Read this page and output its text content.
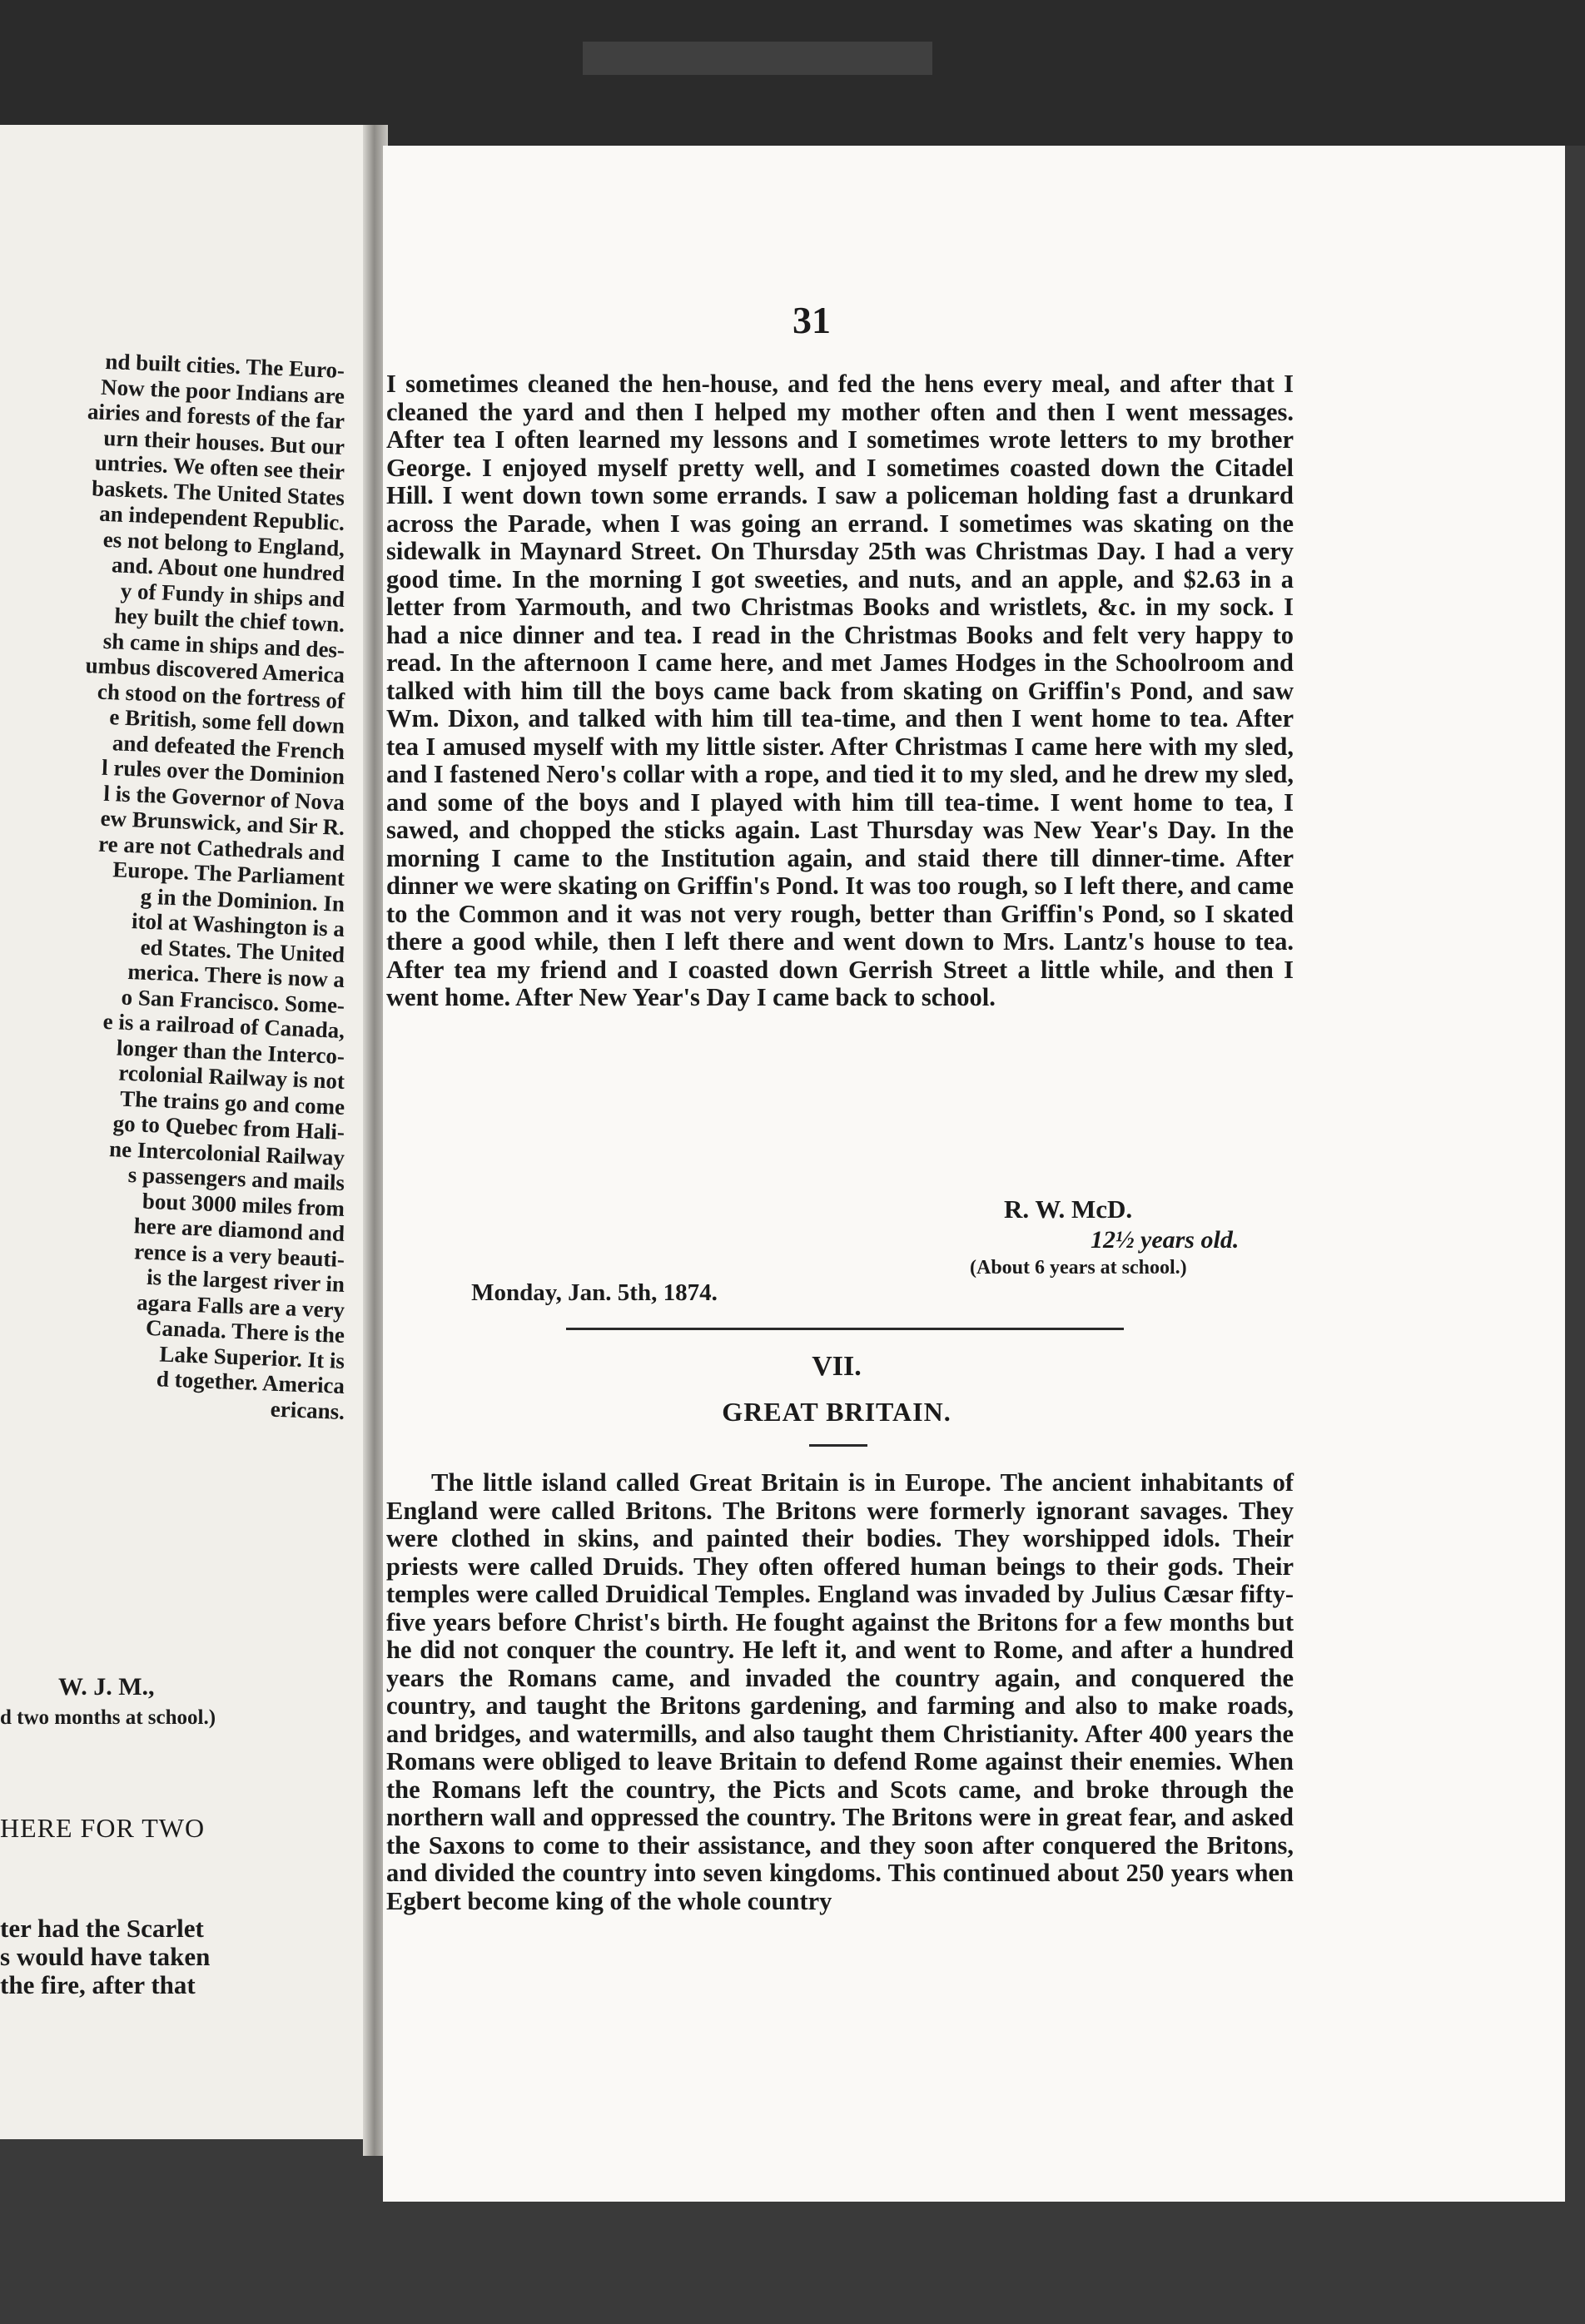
nd built cities. The Euro-
Now the poor Indians are
airies and forests of the far
urn their houses. But our
untries. We often see their
baskets. The United States
an independent Republic.
es not belong to England,
and. About one hundred
y of Fundy in ships and
hey built the chief town.
sh came in ships and des-
umbus discovered America
ch stood on the fortress of
e British, some fell down
and defeated the French
l rules over the Dominion
l is the Governor of Nova
ew Brunswick, and Sir R.
re are not Cathedrals and
Europe. The Parliament
g in the Dominion. In
itol at Washington is a
ed States. The United
merica. There is now a
o San Francisco. Some-
e is a railroad of Canada,
longer than the Interco-
rcolonial Railway is not
The trains go and come
go to Quebec from Hali-
ne Intercolonial Railway
s passengers and mails
bout 3000 miles from
here are diamond and
rence is a very beauti-
is the largest river in
agara Falls are a very
Canada. There is the
Lake Superior. It is
d together. America
ericans.
W. J. M.,
d two months at school.)
HERE FOR TWO
ter had the Scarlet
s would have taken
the fire, after that
31

I sometimes cleaned the hen-house, and fed the hens every meal, and after that I cleaned the yard and then I helped my mother often and then I went messages. After tea I often learned my lessons and I sometimes wrote letters to my brother George. I enjoyed myself pretty well, and I sometimes coasted down the Citadel Hill. I went down town some errands. I saw a policeman holding fast a drunkard across the Parade, when I was going an errand. I sometimes was skating on the sidewalk in Maynard Street. On Thursday 25th was Christmas Day. I had a very good time. In the morning I got sweeties, and nuts, and an apple, and $2.63 in a letter from Yarmouth, and two Christmas Books and wristlets, &c. in my sock. I had a nice dinner and tea. I read in the Christmas Books and felt very happy to read. In the afternoon I came here, and met James Hodges in the Schoolroom and talked with him till the boys came back from skating on Griffin's Pond, and saw Wm. Dixon, and talked with him till tea-time, and then I went home to tea. After tea I amused myself with my little sister. After Christmas I came here with my sled, and I fastened Nero's collar with a rope, and tied it to my sled, and he drew my sled, and some of the boys and I played with him till tea-time. I went home to tea, I sawed, and chopped the sticks again. Last Thursday was New Year's Day. In the morning I came to the Institution again, and staid there till dinner-time. After dinner we were skating on Griffin's Pond. It was too rough, so I left there, and came to the Common and it was not very rough, better than Griffin's Pond, so I skated there a good while, then I left there and went down to Mrs. Lantz's house to tea. After tea my friend and I coasted down Gerrish Street a little while, and then I went home. After New Year's Day I came back to school.

R. W. McD.
12½ years old.
(About 6 years at school.)
Monday, Jan. 5th, 1874.
VII.
GREAT BRITAIN.
The little island called Great Britain is in Europe. The ancient inhabitants of England were called Britons. The Britons were formerly ignorant savages. They were clothed in skins, and painted their bodies. They worshipped idols. Their priests were called Druids. They often offered human beings to their gods. Their temples were called Druidical Temples. England was invaded by Julius Cæsar fifty-five years before Christ's birth. He fought against the Britons for a few months but he did not conquer the country. He left it, and went to Rome, and after a hundred years the Romans came, and invaded the country again, and conquered the country, and taught the Britons gardening, and farming and also to make roads, and bridges, and watermills, and also taught them Christianity. After 400 years the Romans were obliged to leave Britain to defend Rome against their enemies. When the Romans left the country, the Picts and Scots came, and broke through the northern wall and oppressed the country. The Britons were in great fear, and asked the Saxons to come to their assistance, and they soon after conquered the Britons, and divided the country into seven kingdoms. This continued about 250 years when Egbert become king of the whole country
